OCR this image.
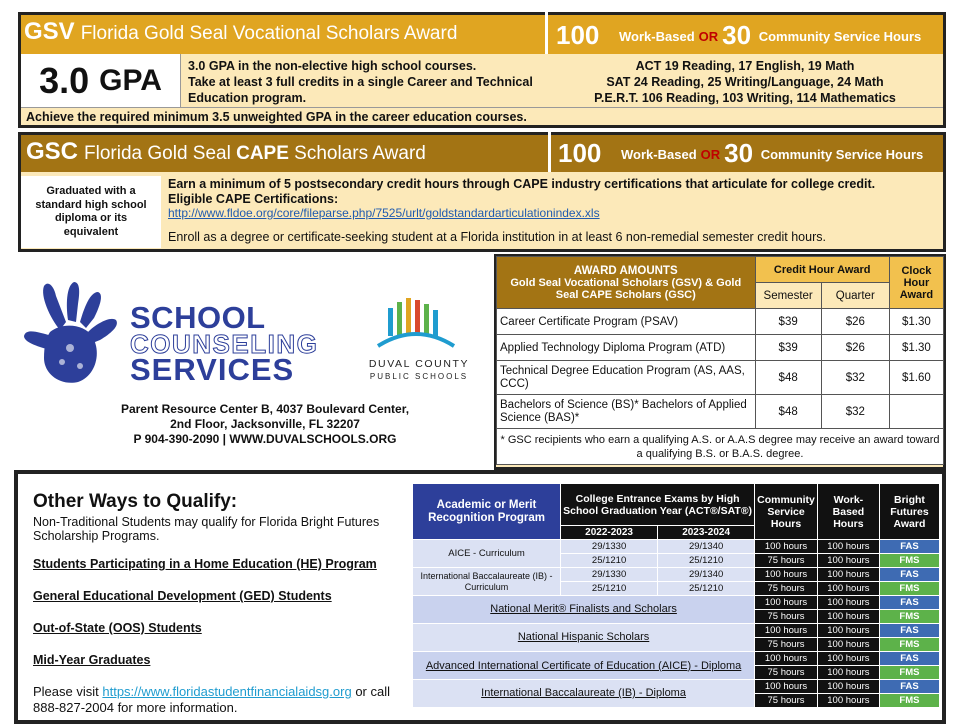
GSV Florida Gold Seal Vocational Scholars Award	100 Work-Based OR 30 Community Service Hours
3.0 GPA 3.0 GPA in the non-elective high school courses.
Take at least 3 full credits in a single Career and Technical Education program.
ACT 19 Reading, 17 English, 19 Math
SAT 24 Reading, 25 Writing/Language, 24 Math
P.E.R.T. 106 Reading, 103 Writing, 114 Mathematics
Achieve the required minimum 3.5 unweighted GPA in the career education courses.
GSC Florida Gold Seal CAPE Scholars Award	100 Work-Based OR 30 Community Service Hours
Graduated with a standard high school diploma or its equivalent
Earn a minimum of 5 postsecondary credit hours through CAPE industry certifications that articulate for college credit.
Eligible CAPE Certifications:
http://www.fldoe.org/core/fileparse.php/7525/urlt/goldstandardarticulationindex.xls
Enroll as a degree or certificate-seeking student at a Florida institution in at least 6 non-remedial semester credit hours.
SCHOOL
COUNSELING
SERVICES	DUVAL COUNTY
PUBLIC SCHOOLS
Parent Resource Center B, 4037 Boulevard Center,
2nd Floor, Jacksonville, FL 32207
P 904-390-2090 | WWW.DUVALSCHOOLS.ORG
AWARD AMOUNTS
Gold Seal Vocational Scholars (GSV) & Gold Seal CAPE Scholars (GSC)	Credit Hour Award		Clock Hour Award
	Semester	Quarter	
Career Certificate Program (PSAV)	$39	$26	$1.30
Applied Technology Diploma Program (ATD)	$39	$26	$1.30
Technical Degree Education Program (AS, AAS, CCC)	$48	$32	$1.60
Bachelors of Science (BS)* Bachelors of Applied Science (BAS)*	$48	$32	
* GSC recipients who earn a qualifying A.S. or A.A.S degree may receive an award toward a qualifying B.S. or B.A.S. degree.			
Other Ways to Qualify:
Non-Traditional Students may qualify for Florida Bright Futures Scholarship Programs.
Students Participating in a Home Education (HE) Program
General Educational Development (GED) Students
Out-of-State (OOS) Students
Mid-Year Graduates
Please visit https://www.floridastudentfinancialaidsg.org or call 888-827-2004 for more information.
Academic or Merit Recognition Program	College Entrance Exams by High School Graduation Year (ACT®/SAT®)		Community Service Hours	Work-Based Hours	Bright Futures Award
	2022-2023	2023-2024			
AICE - Curriculum	29/1330	29/1340	100 hours	100 hours	FAS
	25/1210	25/1210	75 hours	100 hours	FMS
International Baccalaureate (IB) - Curriculum	29/1330	29/1340	100 hours	100 hours	FAS
	25/1210	25/1210	75 hours	100 hours	FMS
National Merit® Finalists and Scholars			100 hours	100 hours	FAS
			75 hours	100 hours	FMS
National Hispanic Scholars			100 hours	100 hours	FAS
			75 hours	100 hours	FMS
Advanced International Certificate of Education (AICE) - Diploma			100 hours	100 hours	FAS
			75 hours	100 hours	FMS
International Baccalaureate (IB) - Diploma			100 hours	100 hours	FAS
			75 hours	100 hours	FMS
